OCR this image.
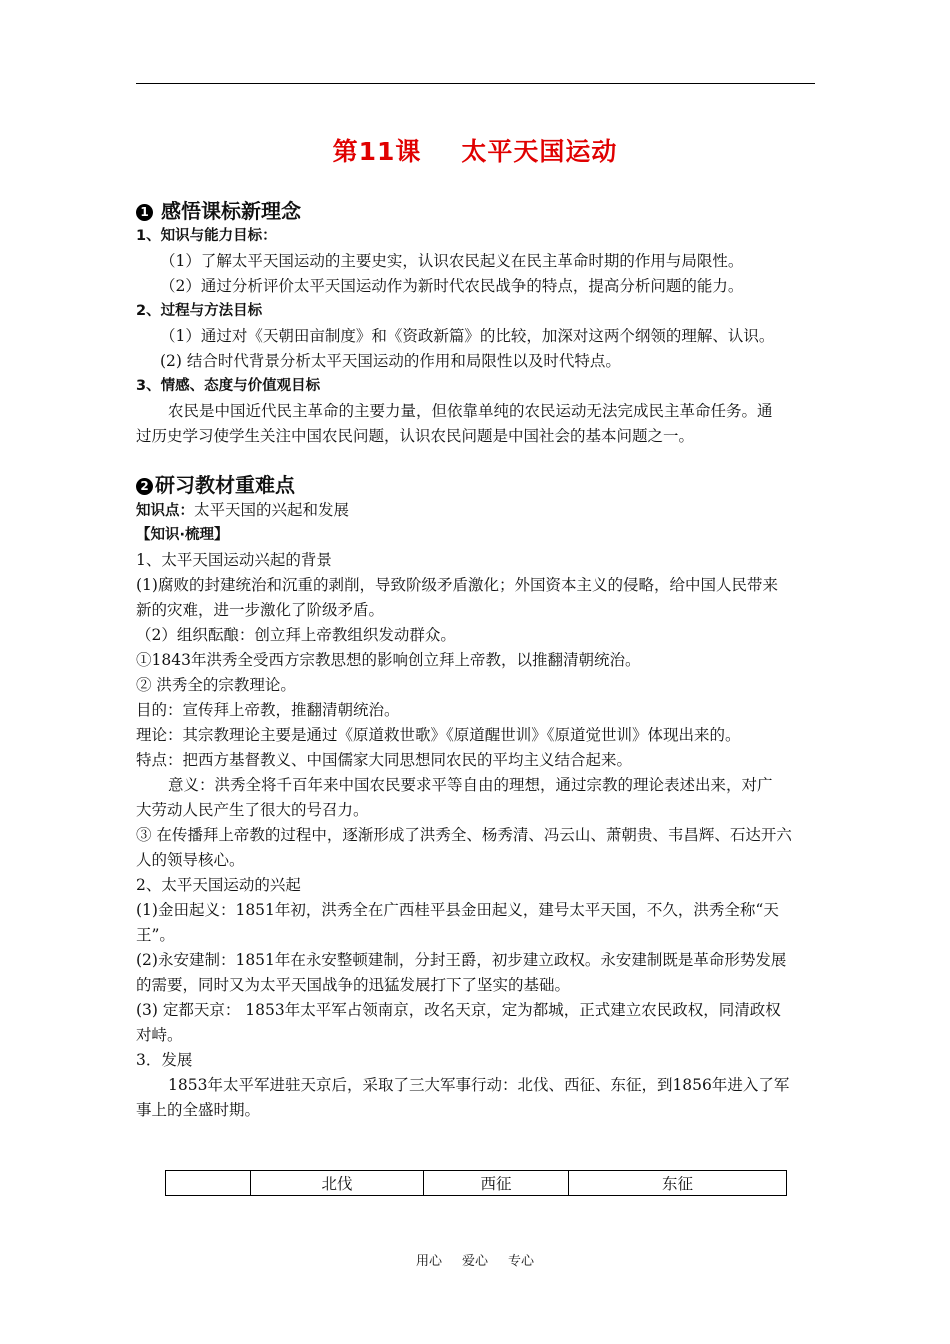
第11课 太平天国运动
1 感悟课标新理念
1、知识与能力目标：
（1）了解太平天国运动的主要史实，认识农民起义在民主革命时期的作用与局限性。
（2）通过分析评价太平天国运动作为新时代农民战争的特点，提高分析问题的能力。
2、过程与方法目标
（1）通过对《天朝田亩制度》和《资政新篇》的比较，加深对这两个纲领的理解、认识。
(2) 结合时代背景分析太平天国运动的作用和局限性以及时代特点。
3、情感、态度与价值观目标
农民是中国近代民主革命的主要力量，但依靠单纯的农民运动无法完成民主革命任务。通
过历史学习使学生关注中国农民问题，认识农民问题是中国社会的基本问题之一。
2 研习教材重难点
知识点：太平天国的兴起和发展
【知识·梳理】
1、太平天国运动兴起的背景
(1)腐败的封建统治和沉重的剥削，导致阶级矛盾激化；外国资本主义的侵略，给中国人民带来
新的灾难，进一步激化了阶级矛盾。
（2）组织酝酿：创立拜上帝教组织发动群众。
①1843年洪秀全受西方宗教思想的影响创立拜上帝教，以推翻清朝统治。
② 洪秀全的宗教理论。
目的：宣传拜上帝教，推翻清朝统治。
理论：其宗教理论主要是通过《原道救世歌》《原道醒世训》《原道觉世训》体现出来的。
特点：把西方基督教义、中国儒家大同思想同农民的平均主义结合起来。
意义：洪秀全将千百年来中国农民要求平等自由的理想，通过宗教的理论表述出来，对广
大劳动人民产生了很大的号召力。
③ 在传播拜上帝教的过程中，逐渐形成了洪秀全、杨秀清、冯云山、萧朝贵、韦昌辉、石达开六
人的领导核心。
2、太平天国运动的兴起
(1)金田起义：1851年初，洪秀全在广西桂平县金田起义，建号太平天国，不久，洪秀全称“天
王”。
(2)永安建制：1851年在永安整顿建制，分封王爵，初步建立政权。永安建制既是革命形势发展
的需要，同时又为太平天国战争的迅猛发展打下了坚实的基础。
(3) 定都天京： 1853年太平军占领南京，改名天京，定为都城，正式建立农民政权，同清政权
对峙。
3．发展
1853年太平军进驻天京后，采取了三大军事行动：北伐、西征、东征，到1856年进入了军
事上的全盛时期。
	北伐	西征	东征
用心 爱心 专心
